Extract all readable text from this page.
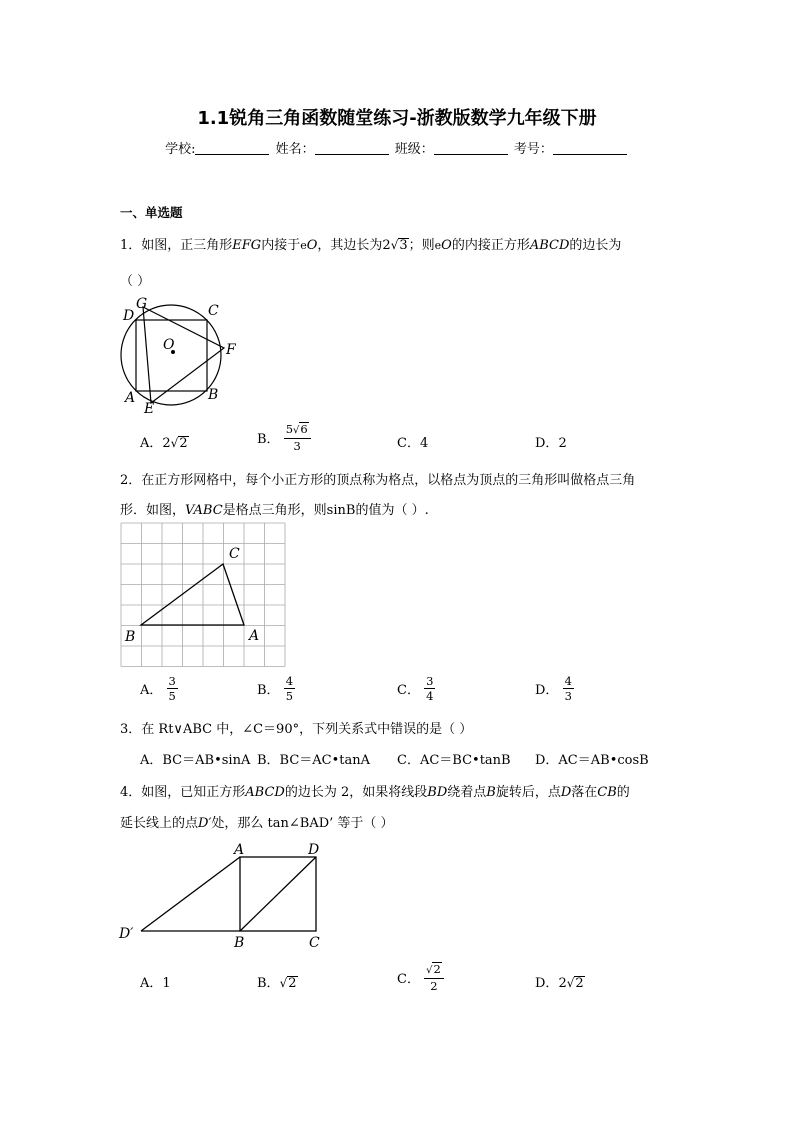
1.1锐角三角函数随堂练习-浙教版数学九年级下册
学校:	姓名：	班级：	考号：
一、单选题
1．如图，正三角形EFG内接于eO，其边长为2√3；则eO的内接正方形ABCD的边长为
（ ）
D
G	C
O	F
A
E
B
A．2√2	B． $\frac{5√6}{3}$	C．4	D．2
2．在正方形网格中，每个小正方形的顶点称为格点，以格点为顶点的三角形叫做格点三角
形．如图，VABC是格点三角形，则sinB的值为（ ）.
C
B	A
A． $\frac{3}{5}$	B． $\frac{4}{5}$	C． $\frac{3}{4}$	D． $\frac{4}{3}$
3．在 Rt∨ABC 中，∠C＝90°，下列关系式中错误的是（ ）
A．BC＝AB•sinA B．BC＝AC•tanA C．AC＝BC•tanB D．AC＝AB•cosB
4．如图，已知正方形ABCD的边长为 2，如果将线段BD绕着点B旋转后，点D落在CB的
延长线上的点D′处，那么 tan∠BAD’ 等于（ ）
A	D
D′
B	C
A．1	B．√2	C． $\frac{√2}{2}$	D．2√2
